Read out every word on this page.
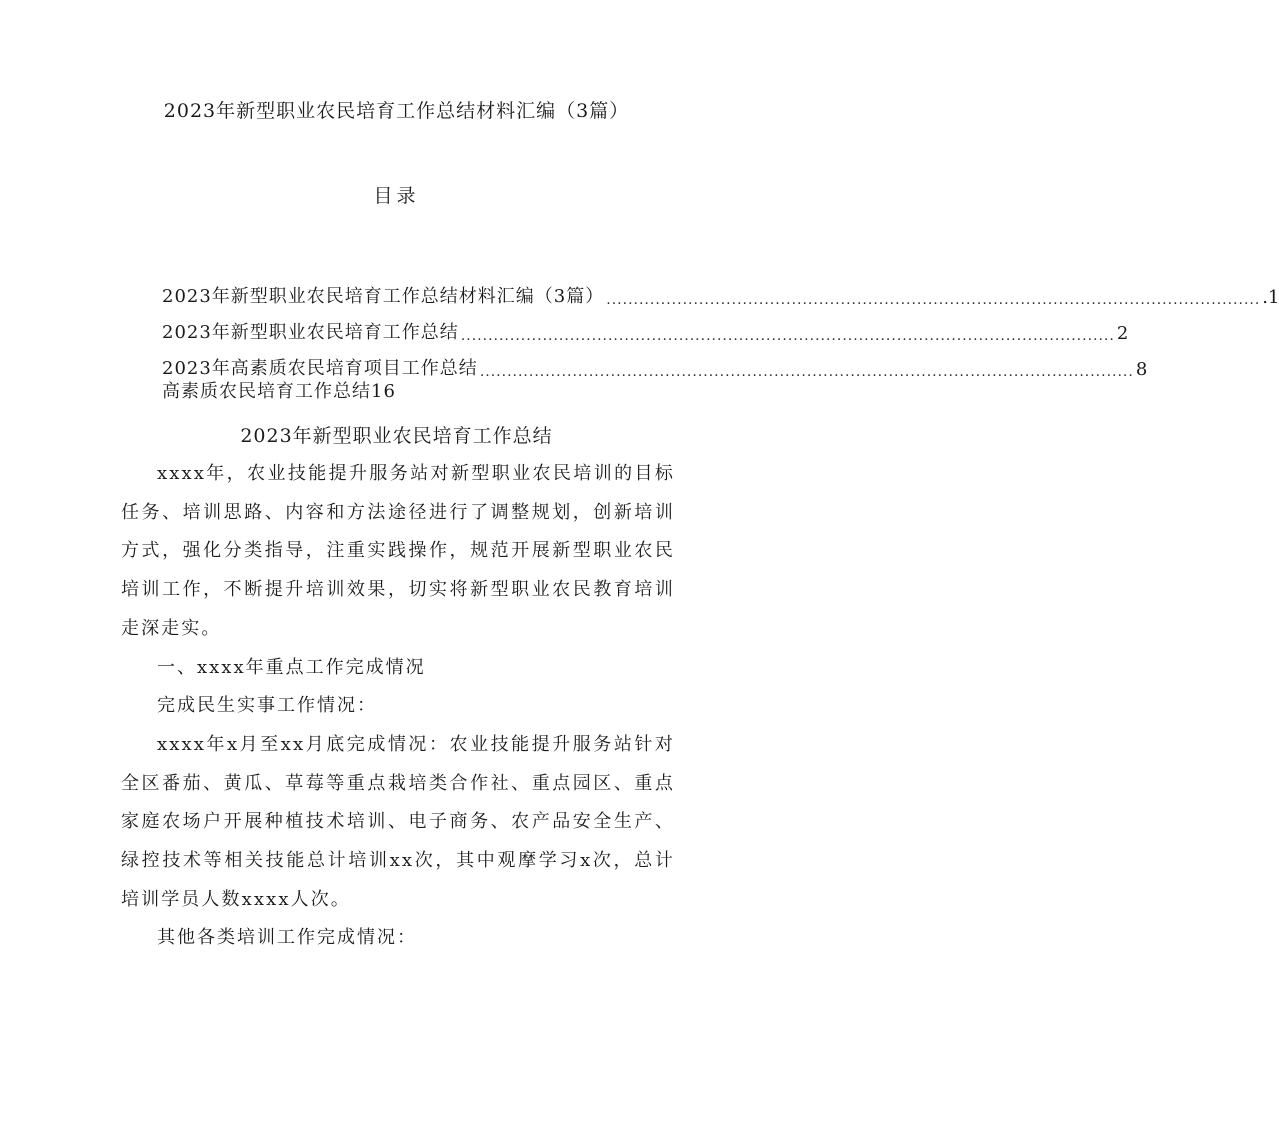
2023年新型职业农民培育工作总结材料汇编（3篇）
目录
2023年新型职业农民培育工作总结材料汇编（3篇） ........................................................................................................................ .1
2023年新型职业农民培育工作总结 ........................................................................................................................ 2
2023年高素质农民培育项目工作总结 ........................................................................................................................ 8
高素质农民培育工作总结16
2023年新型职业农民培育工作总结

xxxx年，农业技能提升服务站对新型职业农民培训的目标任务、培训思路、内容和方法途径进行了调整规划，创新培训方式，强化分类指导，注重实践操作，规范开展新型职业农民培训工作，不断提升培训效果，切实将新型职业农民教育培训走深走实。

一、xxxx年重点工作完成情况

完成民生实事工作情况：

xxxx年x月至xx月底完成情况：农业技能提升服务站针对全区番茄、黄瓜、草莓等重点栽培类合作社、重点园区、重点家庭农场户开展种植技术培训、电子商务、农产品安全生产、绿控技术等相关技能总计培训xx次，其中观摩学习x次，总计培训学员人数xxxx人次。

其他各类培训工作完成情况：
